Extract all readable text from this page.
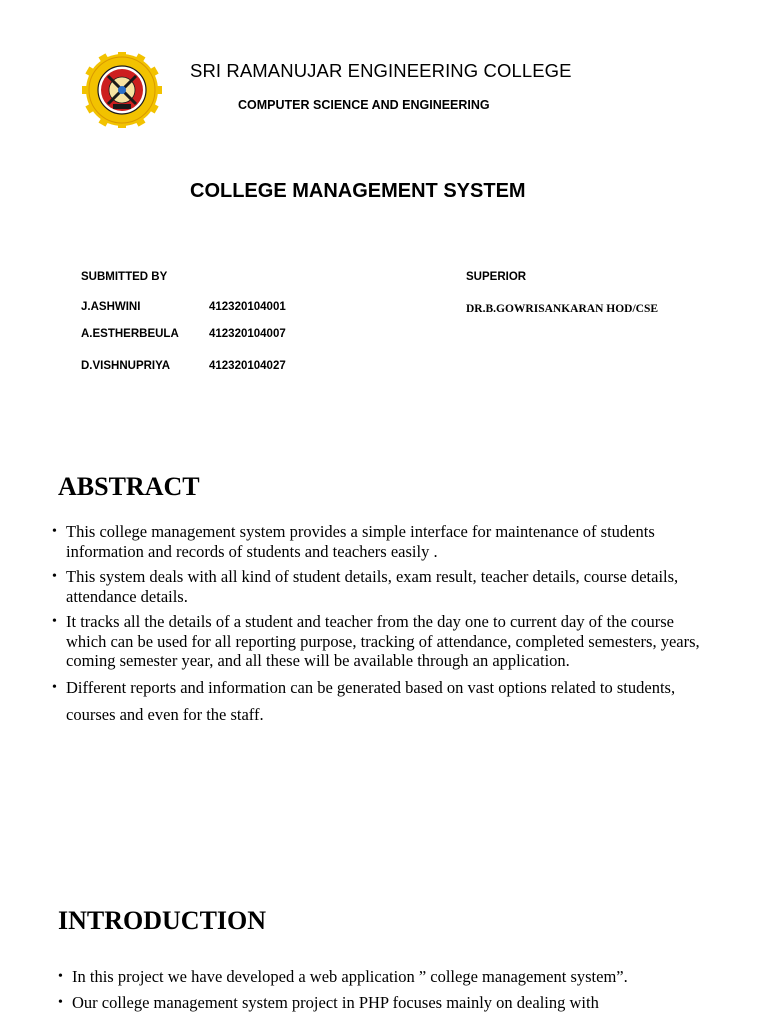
SRI RAMANUJAR ENGINEERING COLLEGE
COMPUTER SCIENCE AND ENGINEERING
COLLEGE MANAGEMENT SYSTEM
SUBMITTED BY	SUPERIOR
DR.B.GOWRISANKARAN HOD/CSE
J.ASHWINI	412320104001
A.ESTHERBEULA	412320104007
D.VISHNUPRIYA	412320104027
ABSTRACT
• This college management system provides a simple interface for maintenance of students information and records of students and teachers easily .
• This system deals with all kind of student details, exam result, teacher details, course details, attendance details.
• It tracks all the details of a student and teacher from the day one to current day of the course which can be used for all reporting purpose, tracking of attendance, completed semesters, years, coming semester year, and all these will be available through an application.
• Different reports and information can be generated based on vast options related to students, courses and even for the staff.
INTRODUCTION
• In this project we have developed a web application ” college management system”.
• Our college management system project in PHP focuses mainly on dealing with
